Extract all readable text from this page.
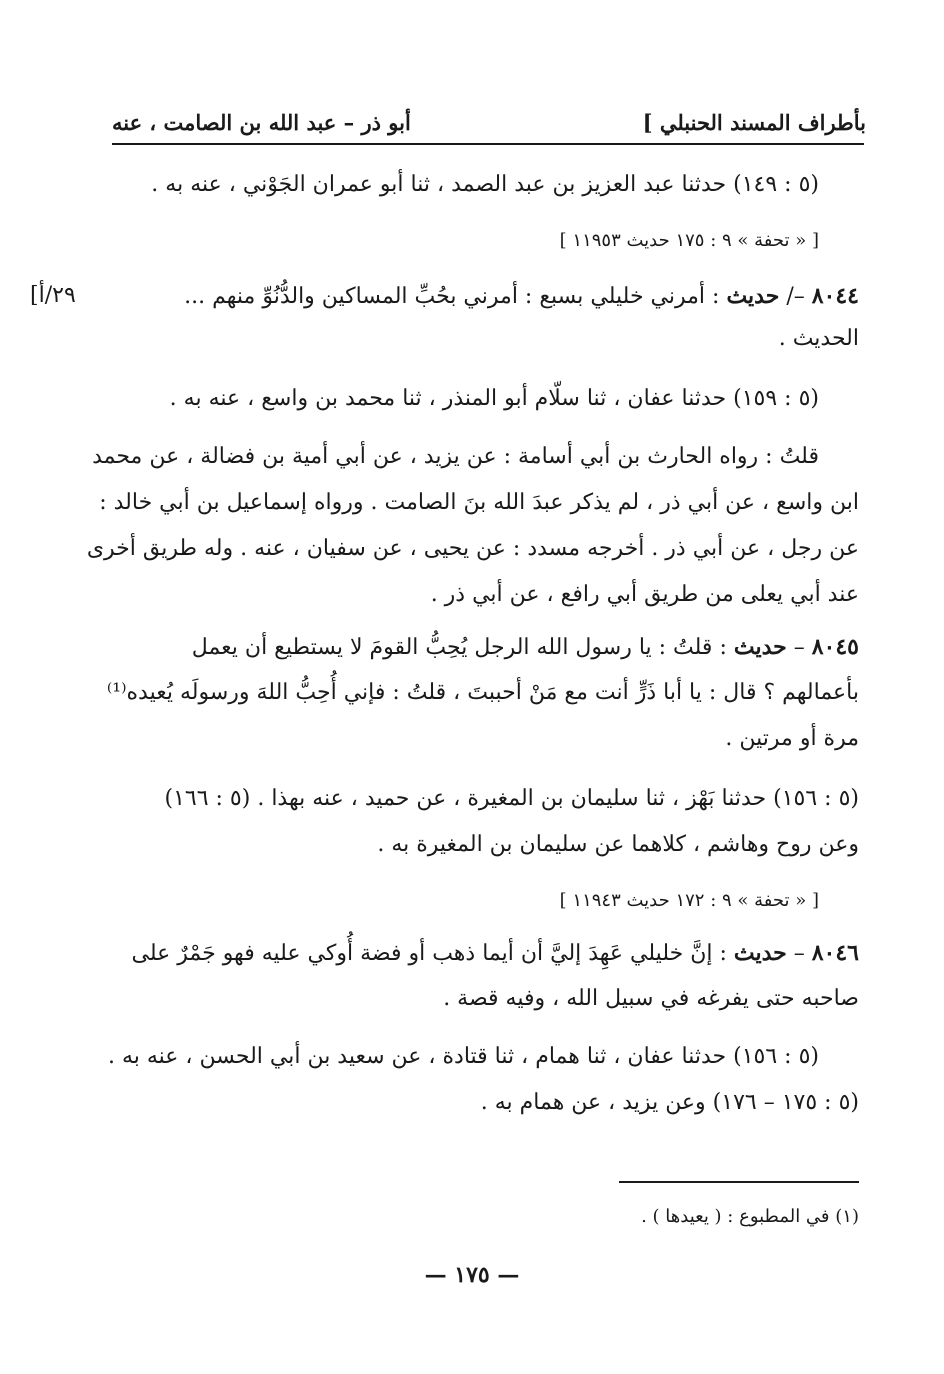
بأطراف المسند الحنبلي ]
أبو ذر – عبد الله بن الصامت ، عنه
(٥ : ١٤٩) حدثنا عبد العزيز بن عبد الصمد ، ثنا أبو عمران الجَوْني ، عنه به .
[ « تحفة » ٩ : ١٧٥ حديث ١١٩٥٣ ]
٨٠٤٤ –/ حديث : أمرني خليلي بسبع : أمرني بحُبِّ المساكين والدُّنُوِّ منهم ...
[٢٩/أ
الحديث .
(٥ : ١٥٩) حدثنا عفان ، ثنا سلّام أبو المنذر ، ثنا محمد بن واسع ، عنه به .
قلتُ : رواه الحارث بن أبي أسامة : عن يزيد ، عن أبي أمية بن فضالة ، عن محمد
ابن واسع ، عن أبي ذر ، لم يذكر عبدَ الله بنَ الصامت . ورواه إسماعيل بن أبي خالد :
عن رجل ، عن أبي ذر . أخرجه مسدد : عن يحيى ، عن سفيان ، عنه . وله طريق أخرى
عند أبي يعلى من طريق أبي رافع ، عن أبي ذر .
٨٠٤٥ – حديث : قلتُ : يا رسول الله الرجل يُحِبُّ القومَ لا يستطيع أن يعمل
بأعمالهم ؟ قال : يا أبا ذَرٍّ أنت مع مَنْ أحببتَ ، قلتُ : فإني أُحِبُّ اللهَ ورسولَه يُعيده⁽¹⁾
مرة أو مرتين .
(٥ : ١٥٦) حدثنا بَهْز ، ثنا سليمان بن المغيرة ، عن حميد ، عنه بهذا . (٥ : ١٦٦)
وعن روح وهاشم ، كلاهما عن سليمان بن المغيرة به .
[ « تحفة » ٩ : ١٧٢ حديث ١١٩٤٣ ]
٨٠٤٦ – حديث : إنَّ خليلي عَهِدَ إليَّ أن أيما ذهب أو فضة أُوكي عليه فهو جَمْرٌ على
صاحبه حتى يفرغه في سبيل الله ، وفيه قصة .
(٥ : ١٥٦) حدثنا عفان ، ثنا همام ، ثنا قتادة ، عن سعيد بن أبي الحسن ، عنه به .
(٥ : ١٧٥ – ١٧٦) وعن يزيد ، عن همام به .
(١) في المطبوع : ( يعيدها ) .
— ١٧٥ —
